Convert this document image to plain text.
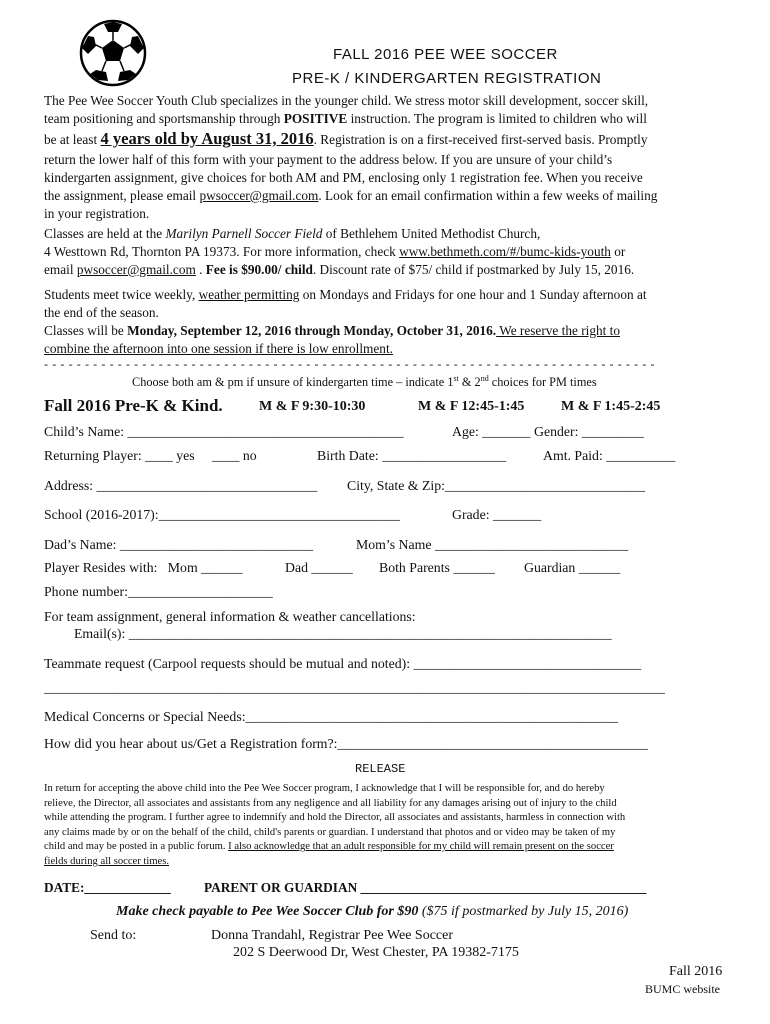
FALL 2016 PEE WEE SOCCER
PRE-K / KINDERGARTEN REGISTRATION
The Pee Wee Soccer Youth Club specializes in the younger child. We stress motor skill development, soccer skill,
team positioning and sportsmanship through POSITIVE instruction. The program is limited to children who will
be at least 4 years old by August 31, 2016. Registration is on a first-received first-served basis. Promptly
return the lower half of this form with your payment to the address below. If you are unsure of your child’s
kindergarten assignment, give choices for both AM and PM, enclosing only 1 registration fee. When you receive
the assignment, please email pwsoccer@gmail.com. Look for an email confirmation within a few weeks of mailing
in your registration.
Classes are held at the Marilyn Parnell Soccer Field of Bethlehem United Methodist Church,
4 Westtown Rd, Thornton PA 19373. For more information, check www.bethmeth.com/#/bumc-kids-youth or
email pwsoccer@gmail.com . Fee is $90.00/ child. Discount rate of $75/ child if postmarked by July 15, 2016.
Students meet twice weekly, weather permitting on Mondays and Fridays for one hour and 1 Sunday afternoon at
the end of the season.
Classes will be Monday, September 12, 2016 through Monday, October 31, 2016. We reserve the right to
combine the afternoon into one session if there is low enrollment.
- - - - - - - - - - - - - - - - - - - - - - - - - - - - - - - - - - - - - - - - - - - - - - - - - - - - - - - - - - - - - - - - - - - - - - - - - - -
Choose both am & pm if unsure of kindergarten time – indicate 1st & 2nd choices for PM times
Fall 2016 Pre-K & Kind.	M & F 9:30-10:30	M & F 12:45-1:45	M & F 1:45-2:45
Child’s Name: ________________________________________	Age: _______ Gender: _________
Returning Player: ____ yes     ____ no	Birth Date: __________________	Amt. Paid: __________
Address: ________________________________ City, State & Zip:_____________________________
School (2016-2017):___________________________________	Grade: _______
Dad’s Name: ____________________________	Mom’s Name ____________________________
Player Resides with:   Mom ______	Dad ______ Both Parents ______ Guardian ______
Phone number:_____________________
For team assignment, general information & weather cancellations:
Email(s): ______________________________________________________________________
Teammate request (Carpool requests should be mutual and noted): _________________________________
__________________________________________________________________________________________
Medical Concerns or Special Needs:______________________________________________________
How did you hear about us/Get a Registration form?:_____________________________________________
RELEASE
In return for accepting the above child into the Pee Wee Soccer program, I acknowledge that I will be responsible for, and do hereby
relieve, the Director, all associates and assistants from any negligence and all liability for any damages arising out of injury to the child
while attending the program. I further agree to indemnify and hold the Director, all associates and assistants, harmless in connection with
any claims made by or on the behalf of the child, child's parents or guardian. I understand that photos and or video may be taken of my
child and may be posted in a public forum. I also acknowledge that an adult responsible for my child will remain present on the soccer
fields during all soccer times.
DATE:_____________ PARENT OR GUARDIAN ___________________________________________
Make check payable to Pee Wee Soccer Club for $90 ($75 if postmarked by July 15, 2016)
Send to:	Donna Trandahl, Registrar Pee Wee Soccer
202 S Deerwood Dr, West Chester, PA 19382-7175
Fall 2016
BUMC website
